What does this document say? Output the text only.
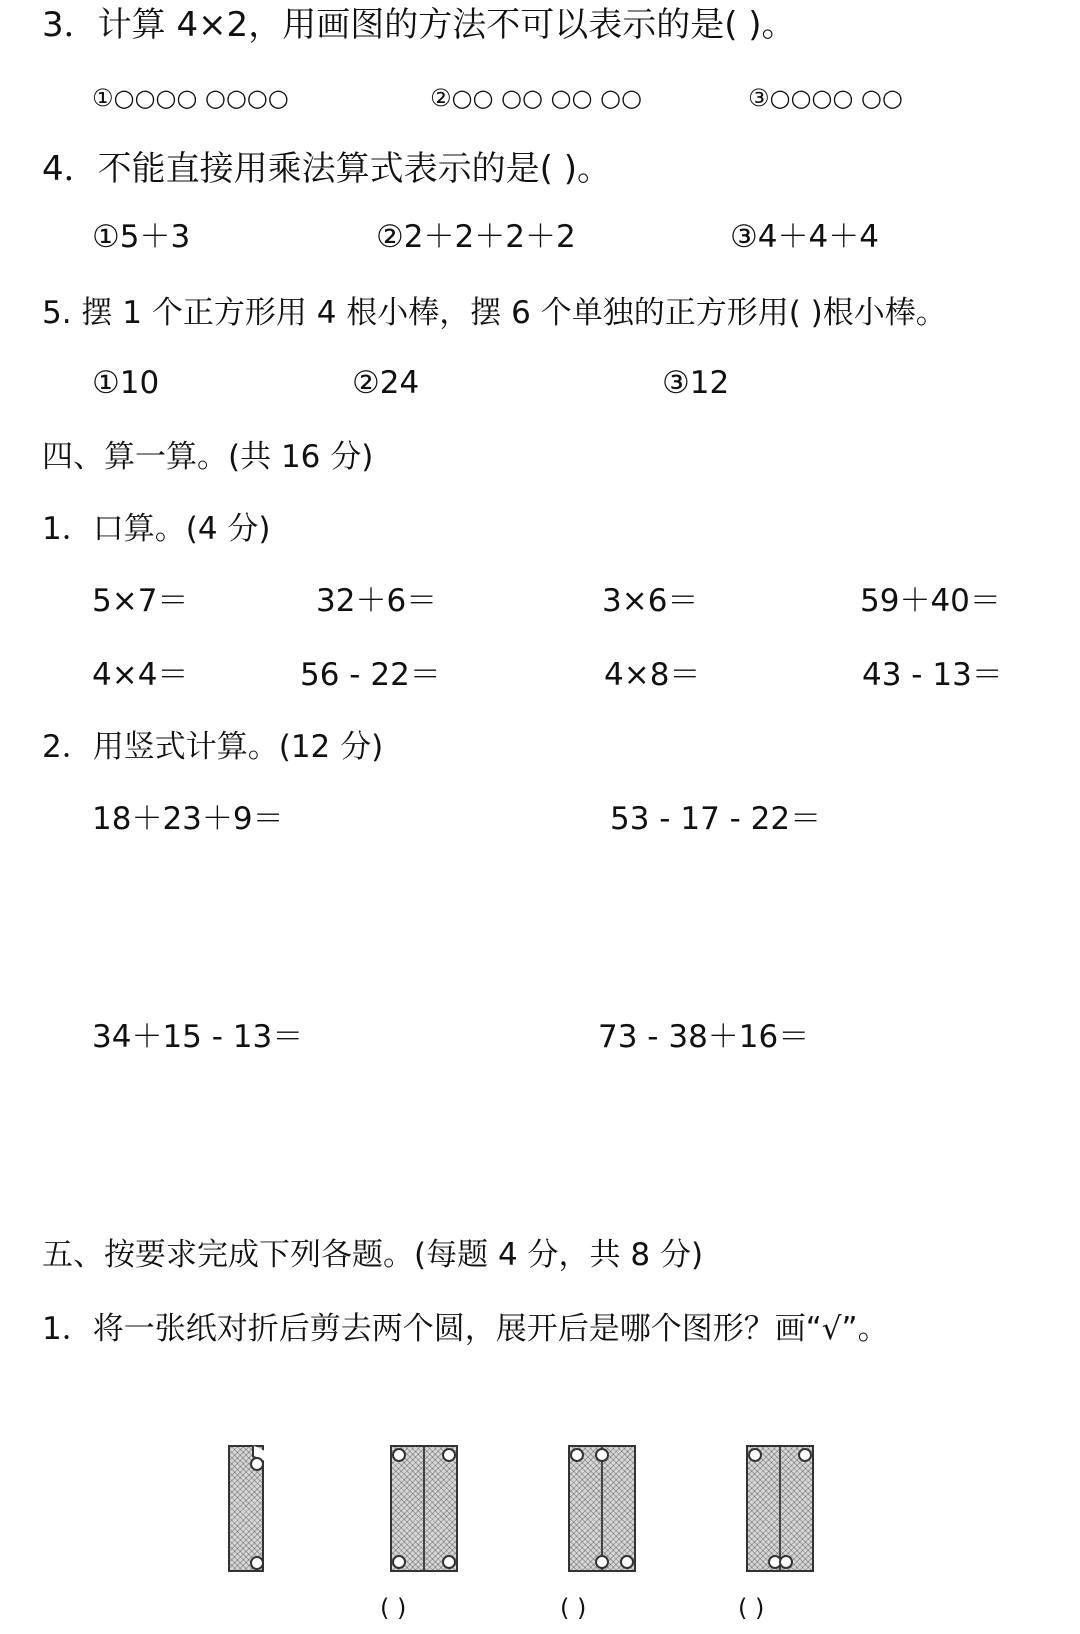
3．计算 4×2，用画图的方法不可以表示的是( )。
①○○○○ ○○○○	②○○ ○○ ○○ ○○	③○○○○ ○○
4．不能直接用乘法算式表示的是( )。
①5＋3	②2＋2＋2＋2	③4＋4＋4
5. 摆 1 个正方形用 4 根小棒，摆 6 个单独的正方形用( )根小棒。
①10	②24	③12
四、算一算。(共 16 分)
1．口算。(4 分)
5×7＝	32＋6＝	3×6＝	59＋40＝
4×4＝	56 - 22＝	4×8＝	43 - 13＝
2．用竖式计算。(12 分)
18＋23＋9＝	53 - 17 - 22＝
34＋15 - 13＝	73 - 38＋16＝
五、按要求完成下列各题。(每题 4 分，共 8 分)
1．将一张纸对折后剪去两个圆，展开后是哪个图形？画“√”。
( )	( )	( )
